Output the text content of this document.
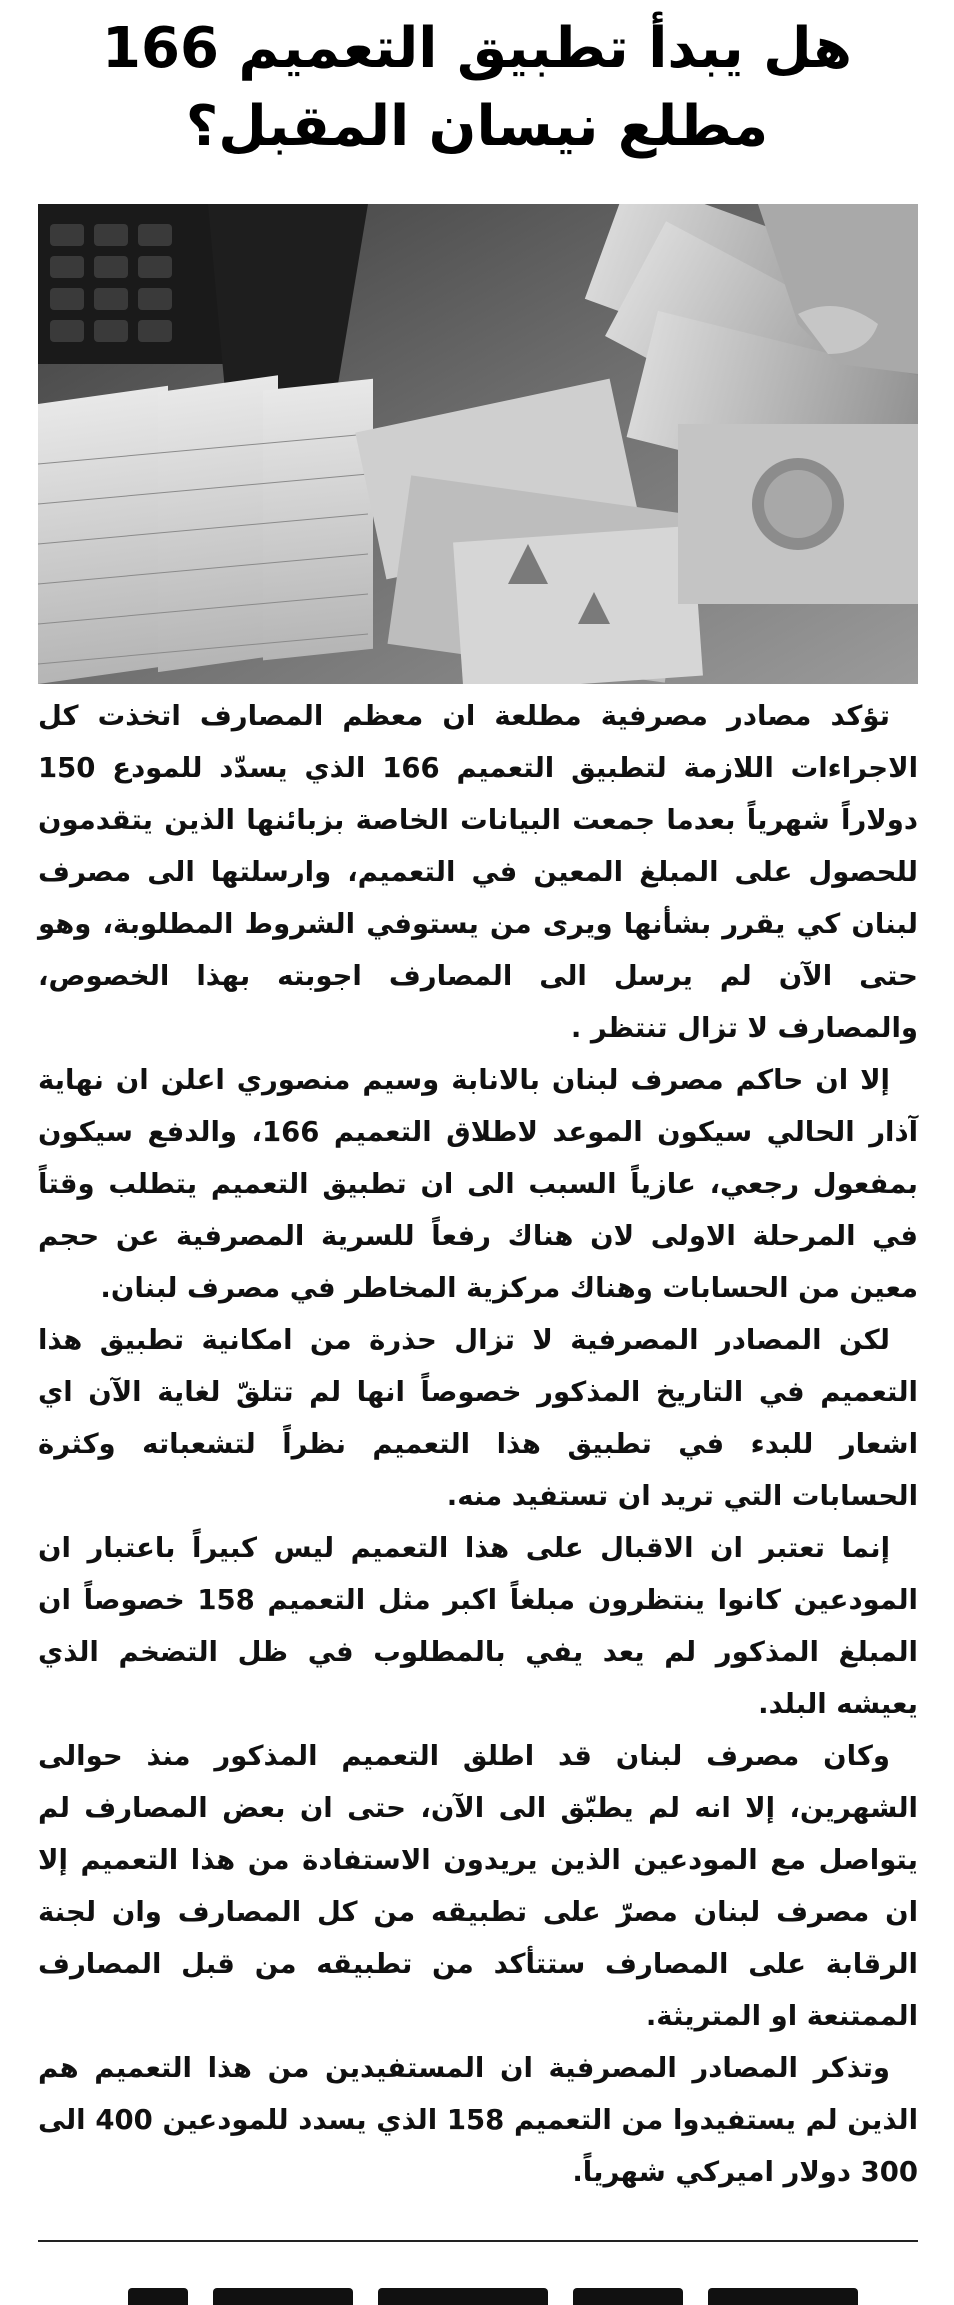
هل يبدأ تطبيق التعميم 166
مطلع نيسان المقبل؟

تؤكد مصادر مصرفية مطلعة ان معظم المصارف اتخذت كل الاجراءات اللازمة لتطبيق التعميم 166 الذي يسدّد للمودع 150 دولاراً شهرياً بعدما جمعت البيانات الخاصة بزبائنها الذين يتقدمون للحصول على المبلغ المعين في التعميم، وارسلتها الى مصرف لبنان كي يقرر بشأنها ويرى من يستوفي الشروط المطلوبة، وهو حتى الآن لم يرسل الى المصارف اجوبته بهذا الخصوص، والمصارف لا تزال تنتظر .

إلا ان حاكم مصرف لبنان بالانابة وسيم منصوري اعلن ان نهاية آذار الحالي سيكون الموعد لاطلاق التعميم 166، والدفع سيكون بمفعول رجعي، عازياً السبب الى ان تطبيق التعميم يتطلب وقتاً في المرحلة الاولى لان هناك رفعاً للسرية المصرفية عن حجم معين من الحسابات وهناك مركزية المخاطر في مصرف لبنان.

لكن المصادر المصرفية لا تزال حذرة من امكانية تطبيق هذا التعميم في التاريخ المذكور خصوصاً انها لم تتلقّ لغاية الآن اي اشعار للبدء في تطبيق هذا التعميم نظراً لتشعباته وكثرة الحسابات التي تريد ان تستفيد منه.

إنما تعتبر ان الاقبال على هذا التعميم ليس كبيراً باعتبار ان المودعين كانوا ينتظرون مبلغاً اكبر مثل التعميم 158 خصوصاً ان المبلغ المذكور لم يعد يفي بالمطلوب في ظل التضخم الذي يعيشه البلد.

وكان مصرف لبنان قد اطلق التعميم المذكور منذ حوالى الشهرين، إلا انه لم يطبّق الى الآن، حتى ان بعض المصارف لم يتواصل مع المودعين الذين يريدون الاستفادة من هذا التعميم إلا ان مصرف لبنان مصرّ على تطبيقه من كل المصارف وان لجنة الرقابة على المصارف ستتأكد من تطبيقه من قبل المصارف الممتنعة او المتريثة.

وتذكر المصادر المصرفية ان المستفيدين من هذا التعميم هم الذين لم يستفيدوا من التعميم 158 الذي يسدد للمودعين 400 الى 300 دولار اميركي شهرياً.
